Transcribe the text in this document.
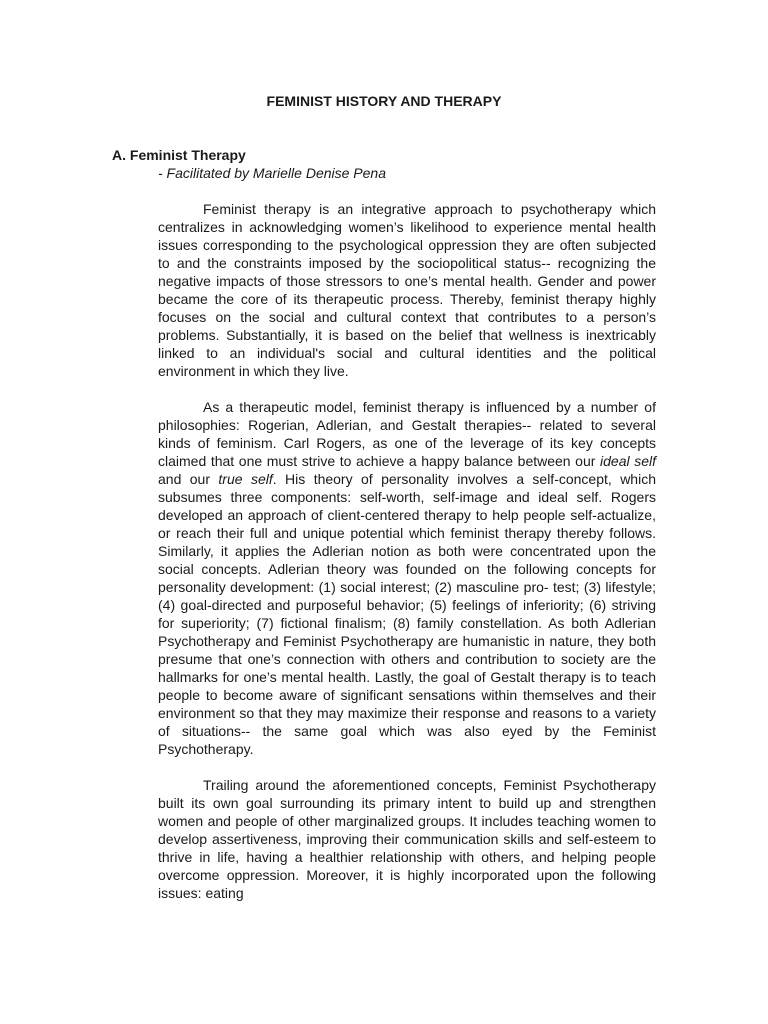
FEMINIST HISTORY AND THERAPY
A. Feminist Therapy
- Facilitated by Marielle Denise Pena

Feminist therapy is an integrative approach to psychotherapy which centralizes in acknowledging women’s likelihood to experience mental health issues corresponding to the psychological oppression they are often subjected to and the constraints imposed by the sociopolitical status-- recognizing the negative impacts of those stressors to one’s mental health. Gender and power became the core of its therapeutic process. Thereby, feminist therapy highly focuses on the social and cultural context that contributes to a person’s problems. Substantially, it is based on the belief that wellness is inextricably linked to an individual's social and cultural identities and the political environment in which they live.

As a therapeutic model, feminist therapy is influenced by a number of philosophies: Rogerian, Adlerian, and Gestalt therapies-- related to several kinds of feminism. Carl Rogers, as one of the leverage of its key concepts claimed that one must strive to achieve a happy balance between our ideal self and our true self. His theory of personality involves a self-concept, which subsumes three components: self-worth, self-image and ideal self. Rogers developed an approach of client-centered therapy to help people self-actualize, or reach their full and unique potential which feminist therapy thereby follows. Similarly, it applies the Adlerian notion as both were concentrated upon the social concepts. Adlerian theory was founded on the following concepts for personality development: (1) social interest; (2) masculine pro- test; (3) lifestyle; (4) goal-directed and purposeful behavior; (5) feelings of inferiority; (6) striving for superiority; (7) fictional finalism; (8) family constellation. As both Adlerian Psychotherapy and Feminist Psychotherapy are humanistic in nature, they both presume that one’s connection with others and contribution to society are the hallmarks for one’s mental health. Lastly, the goal of Gestalt therapy is to teach people to become aware of significant sensations within themselves and their environment so that they may maximize their response and reasons to a variety of situations-- the same goal which was also eyed by the Feminist Psychotherapy.

Trailing around the aforementioned concepts, Feminist Psychotherapy built its own goal surrounding its primary intent to build up and strengthen women and people of other marginalized groups. It includes teaching women to develop assertiveness, improving their communication skills and self-esteem to thrive in life, having a healthier relationship with others, and helping people overcome oppression. Moreover, it is highly incorporated upon the following issues: eating
